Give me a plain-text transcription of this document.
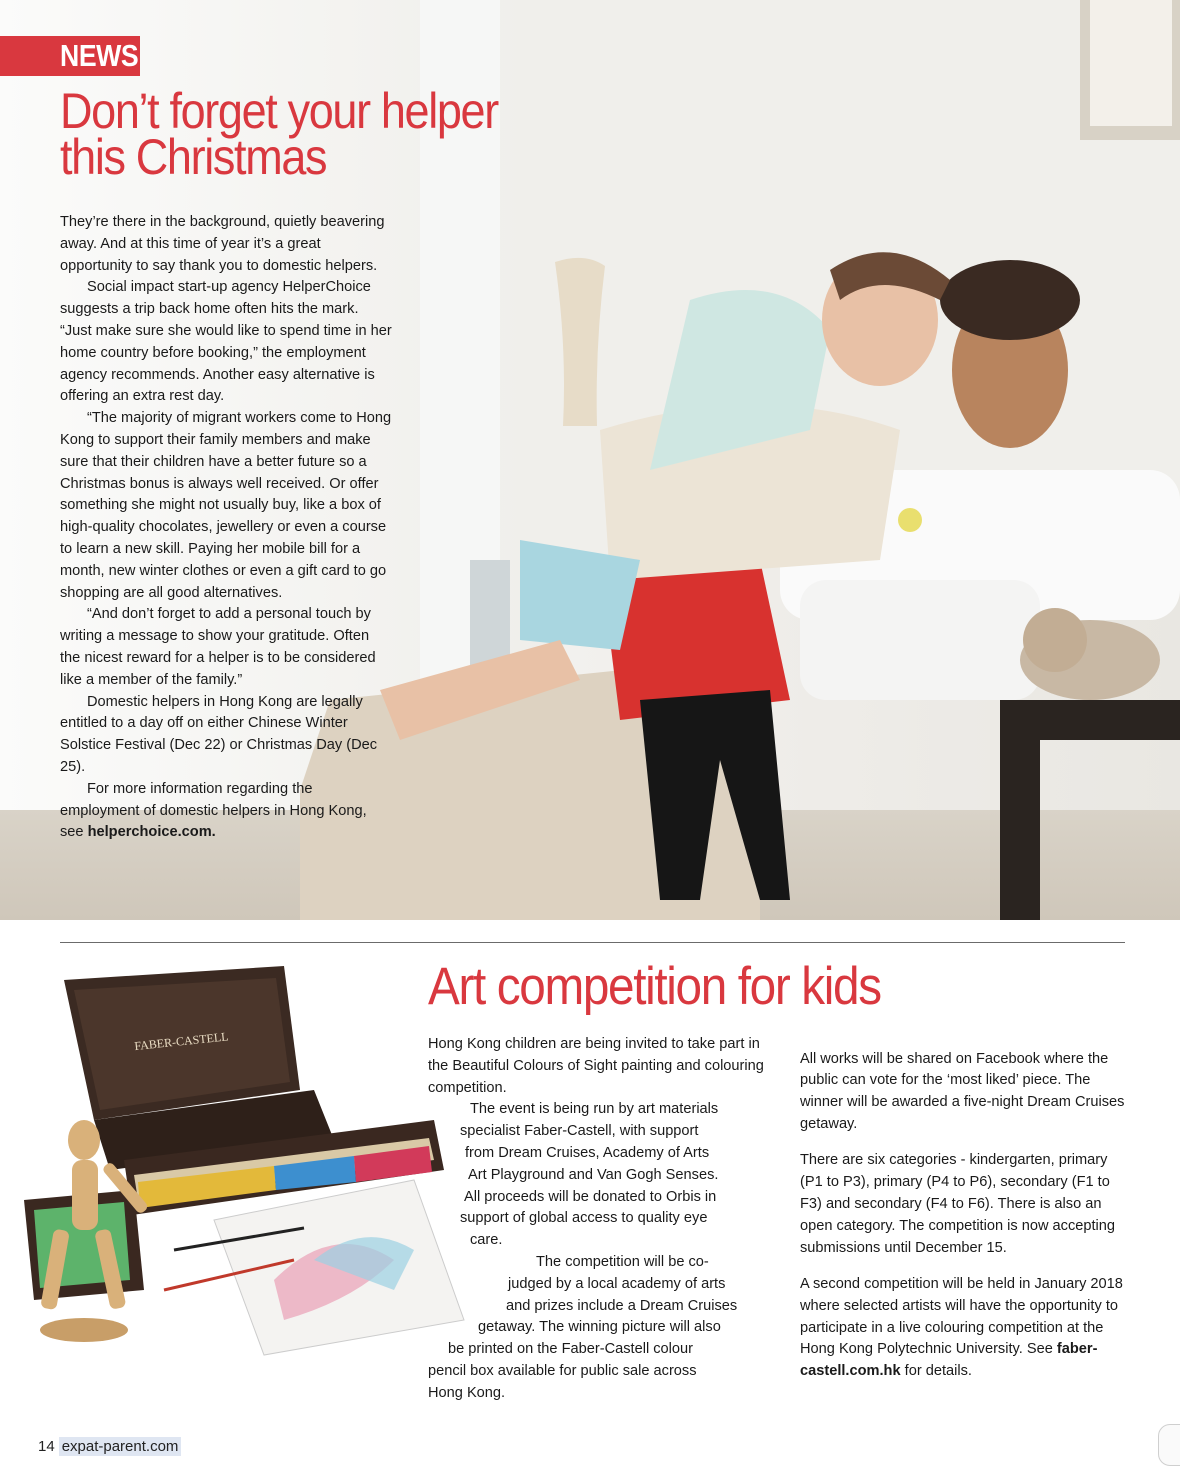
NEWS
Don’t forget your helper this Christmas

They’re there in the background, quietly beavering away. And at this time of year it’s a great opportunity to say thank you to domestic helpers.

Social impact start-up agency HelperChoice suggests a trip back home often hits the mark. “Just make sure she would like to spend time in her home country before booking,” the employment agency recommends. Another easy alternative is offering an extra rest day.

“The majority of migrant workers come to Hong Kong to support their family members and make sure that their children have a better future so a Christmas bonus is always well received. Or offer something she might not usually buy, like a box of high-quality chocolates, jewellery or even a course to learn a new skill. Paying her mobile bill for a month, new winter clothes or even a gift card to go shopping are all good alternatives.

“And don’t forget to add a personal touch by writing a message to show your gratitude. Often the nicest reward for a helper is to be considered like a member of the family.”

Domestic helpers in Hong Kong are legally entitled to a day off on either Chinese Winter Solstice Festival (Dec 22) or Christmas Day (Dec 25).

For more information regarding the employment of domestic helpers in Hong Kong, see helperchoice.com.

FABER-CASTELL
Art competition for kids

Hong Kong children are being invited to take part in the Beautiful Colours of Sight painting and colouring competition.

The event is being run by art materials
specialist Faber-Castell, with support
from Dream Cruises, Academy of Arts
Art Playground and Van Gogh Senses.
All proceeds will be donated to Orbis in
support of global access to quality eye
care.
The competition will be co-
judged by a local academy of arts
and prizes include a Dream Cruises
getaway. The winning picture will also
be printed on the Faber-Castell colour
pencil box available for public sale across
Hong Kong.

All works will be shared on Facebook where the public can vote for the ‘most liked’ piece. The winner will be awarded a five-night Dream Cruises getaway.

There are six categories - kindergarten, primary (P1 to P3), primary (P4 to P6), secondary (F1 to F3) and secondary (F4 to F6). There is also an open category. The competition is now accepting submissions until December 15.

A second competition will be held in January 2018 where selected artists will have the opportunity to participate in a live colouring competition at the Hong Kong Polytechnic University. See faber-castell.com.hk for details.

14 expat-parent.com
